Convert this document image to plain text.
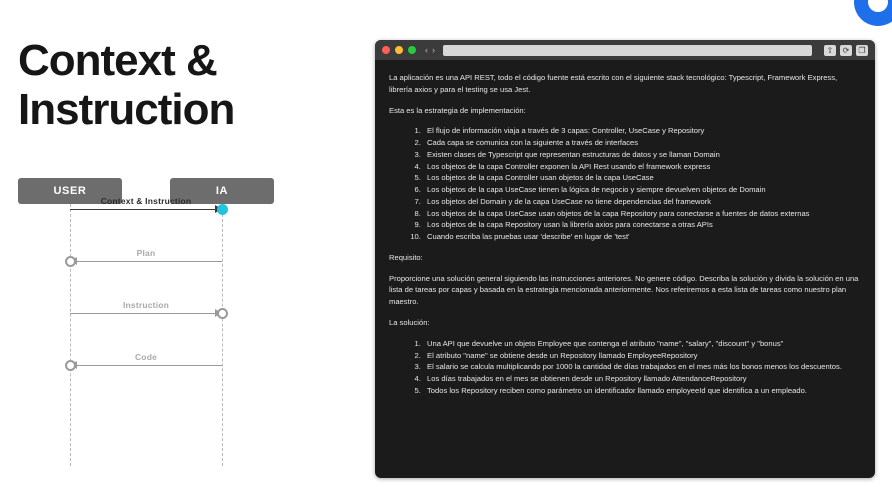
Context & Instruction
USER	IA
Context & Instruction
Plan
Instruction
Code
‹ ›	⇧	⟳	❐

La aplicación es una API REST, todo el código fuente está escrito con el siguiente stack tecnológico: Typescript, Framework Express, librería axios y para el testing se usa Jest.

Esta es la estrategia de implementación:

1. El flujo de información viaja a través de 3 capas: Controller, UseCase y Repository
2. Cada capa se comunica con la siguiente a través de interfaces
3. Existen clases de Typescript que representan estructuras de datos y se llaman Domain
4. Los objetos de la capa Controller exponen la API Rest usando el framework express
5. Los objetos de la capa Controller usan objetos de la capa UseCase
6. Los objetos de la capa UseCase tienen la lógica de negocio y siempre devuelven objetos de Domain
7. Los objetos del Domain y de la capa UseCase no tiene dependencias del framework
8. Los objetos de la capa UseCase usan objetos de la capa Repository para conectarse a fuentes de datos externas
9. Los objetos de la capa Repository usan la librería axios para conectarse a otras APIs
10. Cuando escriba las pruebas usar 'describe' en lugar de 'test'

Requisito:

Proporcione una solución general siguiendo las instrucciones anteriores. No genere código. Describa la solución y divida la solución en una lista de tareas por capas y basada en la estrategia mencionada anteriormente. Nos referiremos a esta lista de tareas como nuestro plan maestro.

La solución:

1. Una API que devuelve un objeto Employee que contenga el atributo "name", "salary", "discount" y "bonus"
2. El atributo "name" se obtiene desde un Repository llamado EmployeeRepository
3. El salario se calcula multiplicando por 1000 la cantidad de días trabajados en el mes más los bonos menos los descuentos.
4. Los días trabajados en el mes se obtienen desde un Repository llamado AttendanceRepository
5. Todos los Repository reciben como parámetro un identificador llamado employeeId que identifica a un empleado.
